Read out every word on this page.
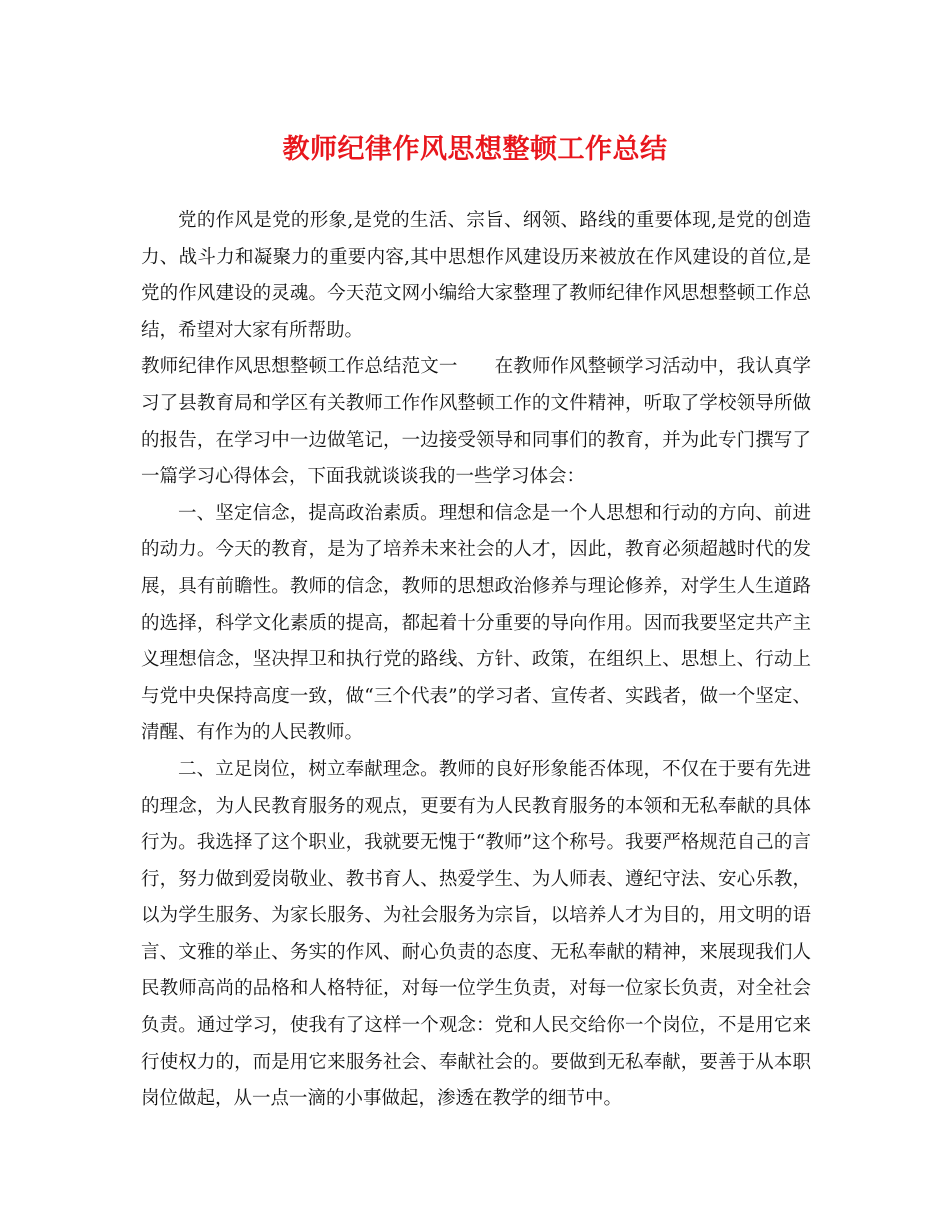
教师纪律作风思想整顿工作总结

党的作风是党的形象,是党的生活、宗旨、纲领、路线的重要体现,是党的创造力、战斗力和凝聚力的重要内容,其中思想作风建设历来被放在作风建设的首位,是党的作风建设的灵魂。今天范文网小编给大家整理了教师纪律作风思想整顿工作总结，希望对大家有所帮助。

教师纪律作风思想整顿工作总结范文一　　在教师作风整顿学习活动中，我认真学习了县教育局和学区有关教师工作作风整顿工作的文件精神，听取了学校领导所做的报告，在学习中一边做笔记，一边接受领导和同事们的教育，并为此专门撰写了一篇学习心得体会，下面我就谈谈我的一些学习体会：

一、坚定信念，提高政治素质。理想和信念是一个人思想和行动的方向、前进的动力。今天的教育，是为了培养未来社会的人才，因此，教育必须超越时代的发展，具有前瞻性。教师的信念，教师的思想政治修养与理论修养，对学生人生道路的选择，科学文化素质的提高，都起着十分重要的导向作用。因而我要坚定共产主义理想信念，坚决捍卫和执行党的路线、方针、政策，在组织上、思想上、行动上与党中央保持高度一致，做“三个代表”的学习者、宣传者、实践者，做一个坚定、清醒、有作为的人民教师。

二、立足岗位，树立奉献理念。教师的良好形象能否体现，不仅在于要有先进的理念，为人民教育服务的观点，更要有为人民教育服务的本领和无私奉献的具体行为。我选择了这个职业，我就要无愧于“教师”这个称号。我要严格规范自己的言行，努力做到爱岗敬业、教书育人、热爱学生、为人师表、遵纪守法、安心乐教，以为学生服务、为家长服务、为社会服务为宗旨，以培养人才为目的，用文明的语言、文雅的举止、务实的作风、耐心负责的态度、无私奉献的精神，来展现我们人民教师高尚的品格和人格特征，对每一位学生负责，对每一位家长负责，对全社会负责。通过学习，使我有了这样一个观念：党和人民交给你一个岗位，不是用它来行使权力的，而是用它来服务社会、奉献社会的。要做到无私奉献，要善于从本职岗位做起，从一点一滴的小事做起，渗透在教学的细节中。
